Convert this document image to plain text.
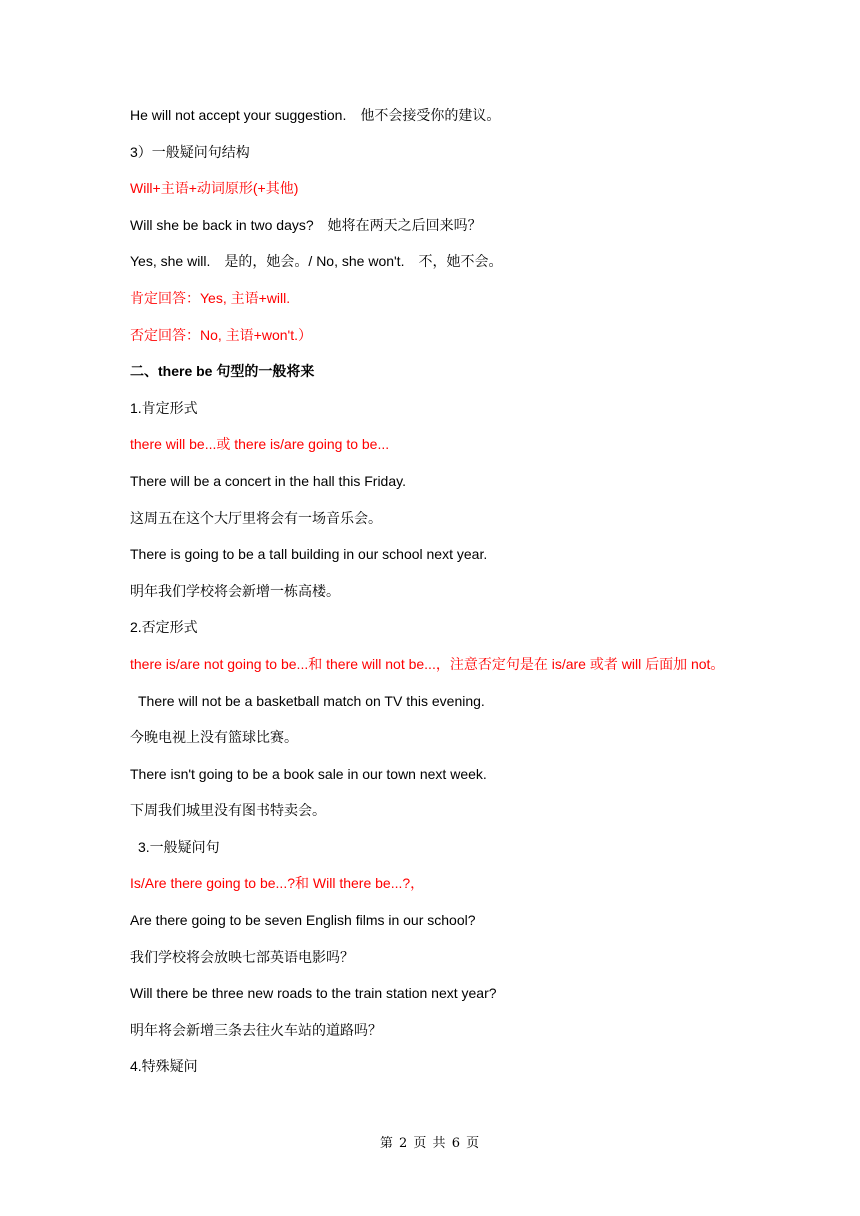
He will not accept your suggestion.　他不会接受你的建议。
3）一般疑问句结构
Will+主语+动词原形(+其他)
Will she be back in two days?　她将在两天之后回来吗？
Yes, she will.　是的，她会。/ No, she won't.　不，她不会。
肯定回答：Yes, 主语+will.
否定回答：No, 主语+won't.）
二、there be 句型的一般将来
1.肯定形式
there will be...或 there is/are going to be...
There will be a concert in the hall this Friday.
这周五在这个大厅里将会有一场音乐会。
There is going to be a tall building in our school next year.
明年我们学校将会新增一栋高楼。
2.否定形式
there is/are not going to be...和 there will not be...，注意否定句是在 is/are 或者 will 后面加 not。
There will not be a basketball match on TV this evening.
今晚电视上没有篮球比赛。
There isn't going to be a book sale in our town next week.
下周我们城里没有图书特卖会。
3.一般疑问句
Is/Are there going to be...?和 Will there be...?，
Are there going to be seven English films in our school?
我们学校将会放映七部英语电影吗？
Will there be three new roads to the train station next year?
明年将会新增三条去往火车站的道路吗？
4.特殊疑问
第 2 页 共 6 页
